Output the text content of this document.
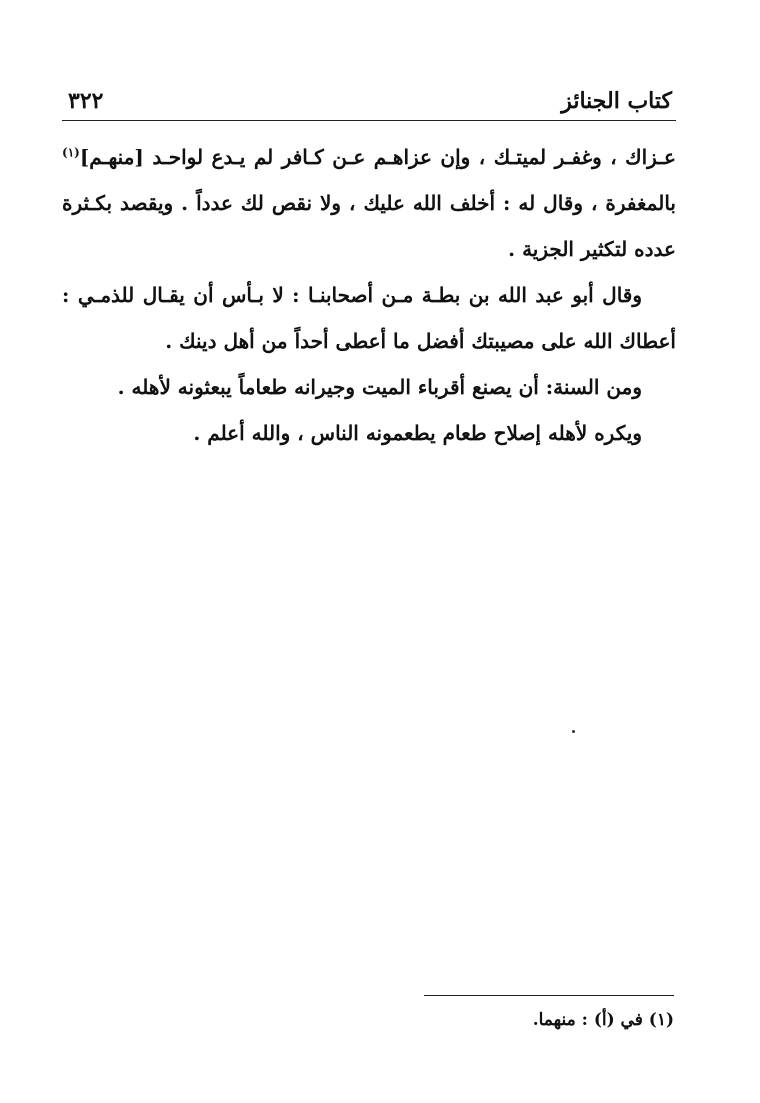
كتاب الجنائز
٣٢٢

عـزاك ، وغفـر لميتـك ، وإن عزاهـم عـن كـافر لم يـدع لواحـد [منهـم]$^{(١)}$ بالمغفرة ، وقال له : أخلف الله عليك ، ولا نقص لك عدداً . ويقصد بكـثرة عدده لتكثير الجزية .

وقال أبو عبد الله بن بطـة مـن أصحابنـا : لا بـأس أن يقـال للذمـي : أعطاك الله على مصيبتك أفضل ما أعطى أحداً من أهل دينك .

ومن السنة: أن يصنع أقرباء الميت وجيرانه طعاماً يبعثونه لأهله .

ويكره لأهله إصلاح طعام يطعمونه الناس ، والله أعلم .

(١) في (أ) : منهما.
